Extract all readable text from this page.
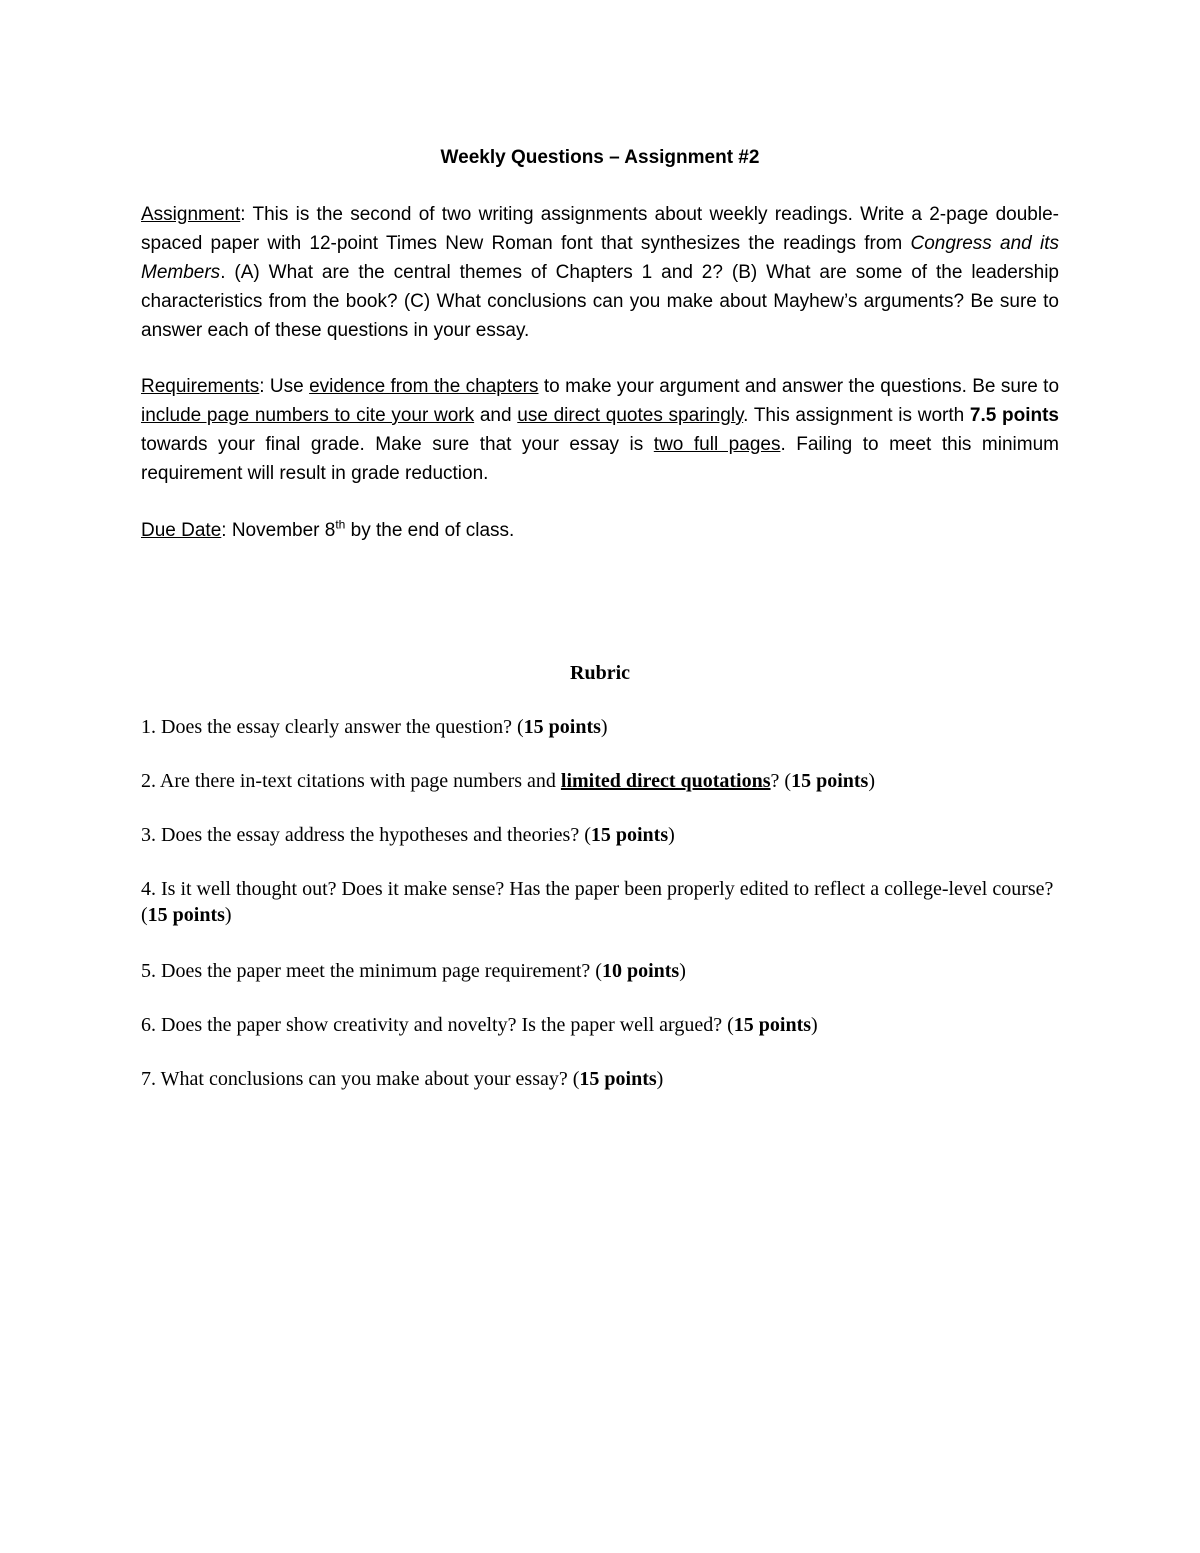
Weekly Questions – Assignment #2
Assignment: This is the second of two writing assignments about weekly readings. Write a 2-page double-spaced paper with 12-point Times New Roman font that synthesizes the readings from Congress and its Members. (A) What are the central themes of Chapters 1 and 2? (B) What are some of the leadership characteristics from the book? (C) What conclusions can you make about Mayhew’s arguments? Be sure to answer each of these questions in your essay.
Requirements: Use evidence from the chapters to make your argument and answer the questions. Be sure to include page numbers to cite your work and use direct quotes sparingly. This assignment is worth 7.5 points towards your final grade. Make sure that your essay is two full pages. Failing to meet this minimum requirement will result in grade reduction.
Due Date: November 8th by the end of class.
Rubric
1. Does the essay clearly answer the question? (15 points)
2. Are there in-text citations with page numbers and limited direct quotations? (15 points)
3. Does the essay address the hypotheses and theories? (15 points)
4. Is it well thought out? Does it make sense? Has the paper been properly edited to reflect a college-level course? (15 points)
5. Does the paper meet the minimum page requirement? (10 points)
6. Does the paper show creativity and novelty? Is the paper well argued? (15 points)
7. What conclusions can you make about your essay? (15 points)
